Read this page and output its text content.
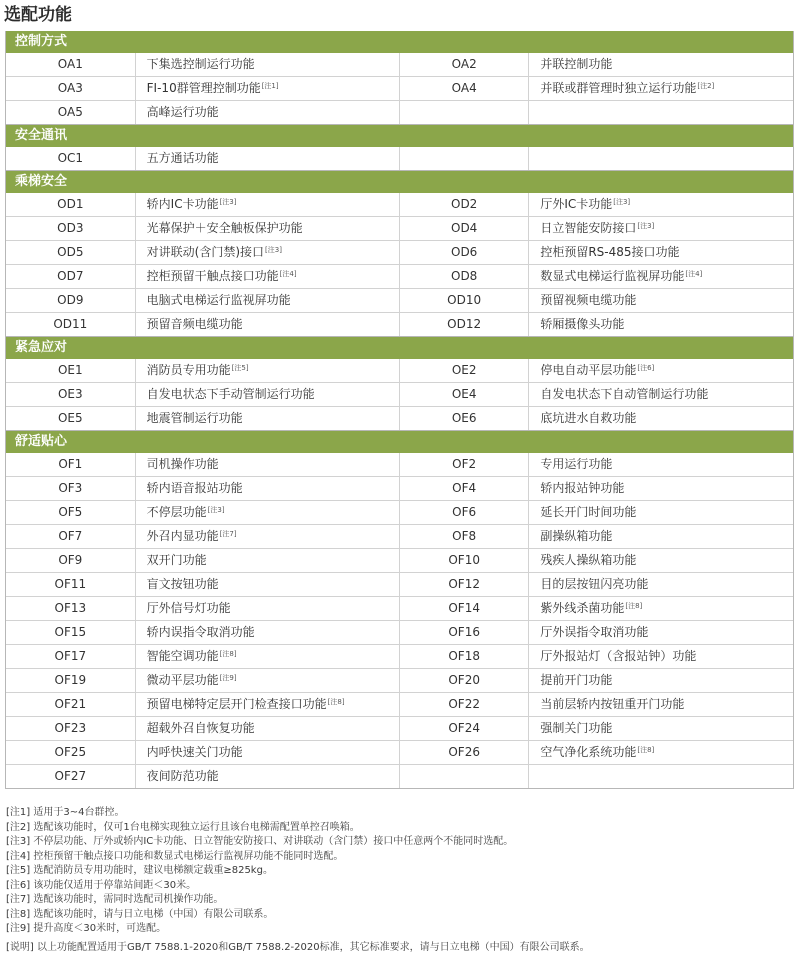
选配功能
控制方式
OA1	下集选控制运行功能	OA2	并联控制功能
OA3	FI-10群管理控制功能[注1]	OA4	并联或群管理时独立运行功能[注2]
OA5	高峰运行功能
安全通讯
OC1	五方通话功能
乘梯安全
OD1	轿内IC卡功能[注3]	OD2	厅外IC卡功能[注3]
OD3	光幕保护＋安全触板保护功能	OD4	日立智能安防接口[注3]
OD5	对讲联动(含门禁)接口[注3]	OD6	控柜预留RS-485接口功能
OD7	控柜预留干触点接口功能[注4]	OD8	数显式电梯运行监视屏功能[注4]
OD9	电脑式电梯运行监视屏功能	OD10	预留视频电缆功能
OD11	预留音频电缆功能	OD12	轿厢摄像头功能
紧急应对
OE1	消防员专用功能[注5]	OE2	停电自动平层功能[注6]
OE3	自发电状态下手动管制运行功能	OE4	自发电状态下自动管制运行功能
OE5	地震管制运行功能	OE6	底坑进水自救功能
舒适贴心
OF1	司机操作功能	OF2	专用运行功能
OF3	轿内语音报站功能	OF4	轿内报站钟功能
OF5	不停层功能[注3]	OF6	延长开门时间功能
OF7	外召内显功能[注7]	OF8	副操纵箱功能
OF9	双开门功能	OF10	残疾人操纵箱功能
OF11	盲文按钮功能	OF12	目的层按钮闪亮功能
OF13	厅外信号灯功能	OF14	紫外线杀菌功能[注8]
OF15	轿内误指令取消功能	OF16	厅外误指令取消功能
OF17	智能空调功能[注8]	OF18	厅外报站灯（含报站钟）功能
OF19	微动平层功能[注9]	OF20	提前开门功能
OF21	预留电梯特定层开门检查接口功能[注8]	OF22	当前层轿内按钮重开门功能
OF23	超载外召自恢复功能	OF24	强制关门功能
OF25	内呼快速关门功能	OF26	空气净化系统功能[注8]
OF27	夜间防范功能
[注1] 适用于3~4台群控。
[注2] 选配该功能时，仅可1台电梯实现独立运行且该台电梯需配置单控召唤箱。
[注3] 不停层功能、厅外或轿内IC卡功能、日立智能安防接口、对讲联动（含门禁）接口中任意两个不能同时选配。
[注4] 控柜预留干触点接口功能和数显式电梯运行监视屏功能不能同时选配。
[注5] 选配消防员专用功能时，建议电梯额定载重≥825kg。
[注6] 该功能仅适用于停靠站间距＜30米。
[注7] 选配该功能时，需同时选配司机操作功能。
[注8] 选配该功能时，请与日立电梯（中国）有限公司联系。
[注9] 提升高度＜30米时，可选配。
[说明] 以上功能配置适用于GB/T 7588.1-2020和GB/T 7588.2-2020标准，其它标准要求，请与日立电梯（中国）有限公司联系。
